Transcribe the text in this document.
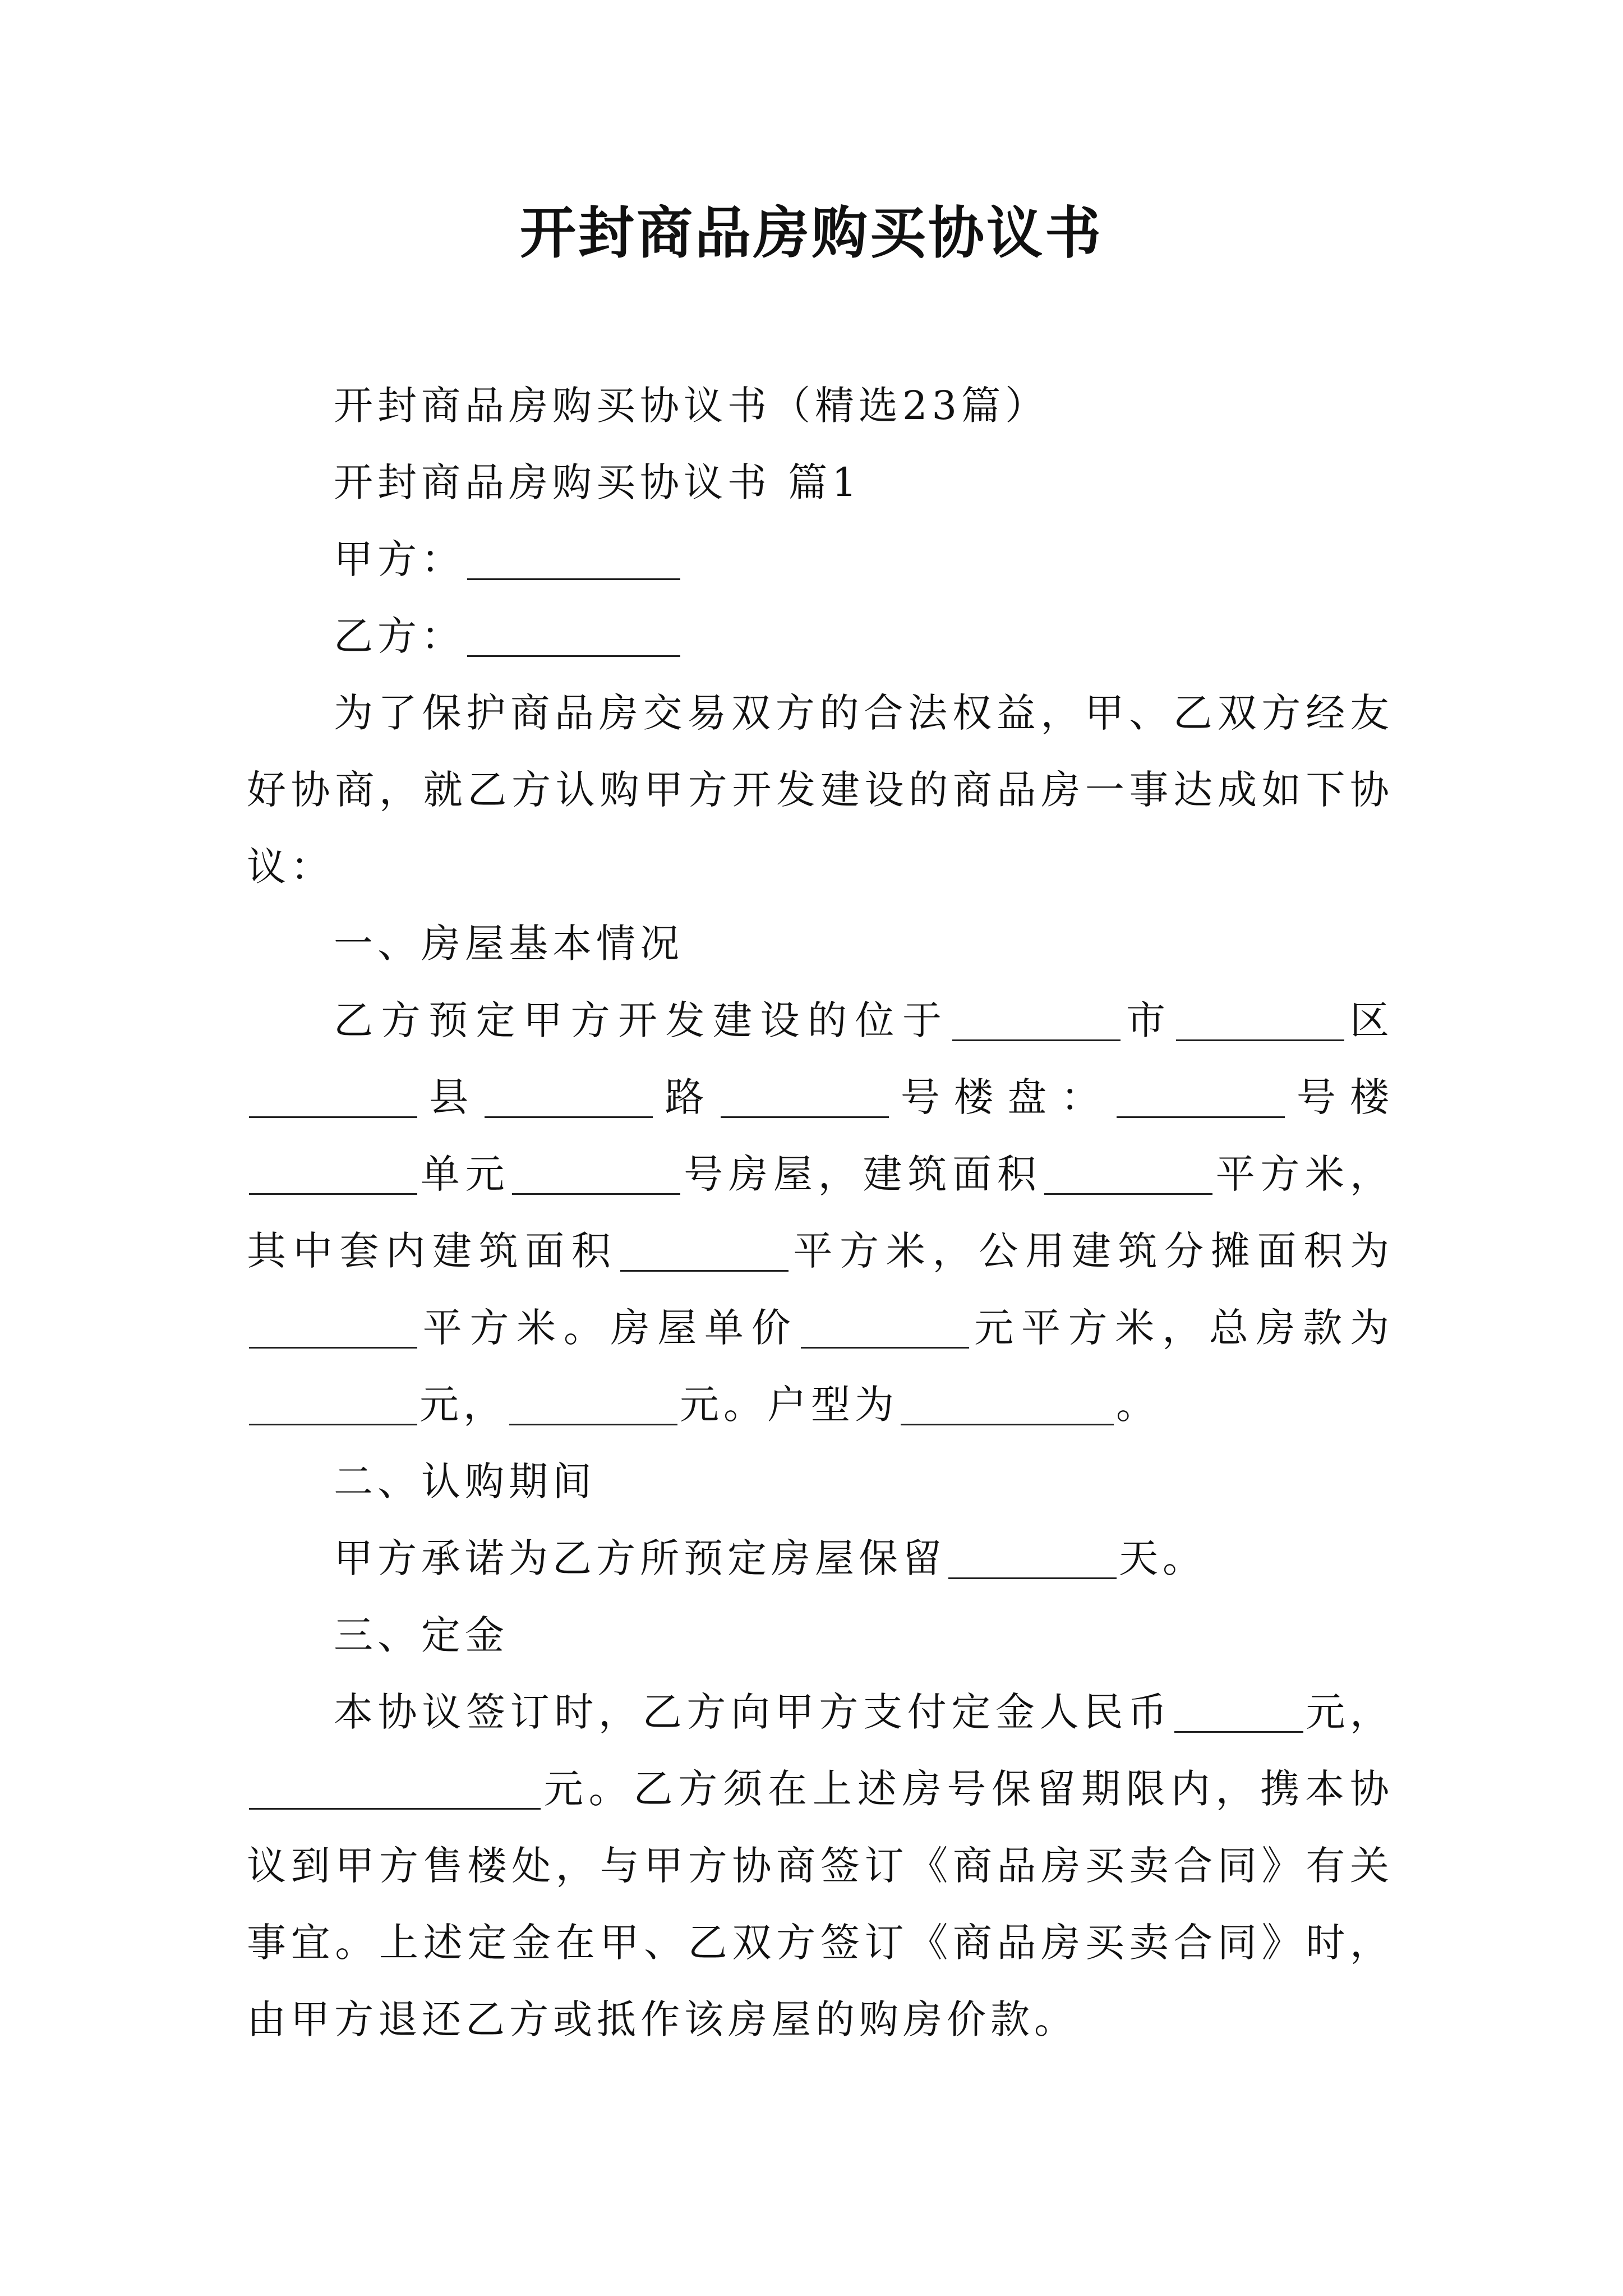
开封商品房购买协议书

开封商品房购买协议书（精选23篇）

开封商品房购买协议书 篇1

甲方：

乙方：

为了保护商品房交易双方的合法权益，甲、乙双方经友好协商，就乙方认购甲方开发建设的商品房一事达成如下协议：

一、房屋基本情况

乙方预定甲方开发建设的位于	市	区县	路	号楼盘：	号楼单元	号房屋，建筑面积	平方米，其中套内建筑面积	平方米，公用建筑分摊面积为平方米。房屋单价	元平方米，总房款为元，	元。户型为	。

二、认购期间

甲方承诺为乙方所预定房屋保留	天。

三、定金

本协议签订时，乙方向甲方支付定金人民币	元，元。乙方须在上述房号保留期限内，携本协议到甲方售楼处，与甲方协商签订《商品房买卖合同》有关事宜。上述定金在甲、乙双方签订《商品房买卖合同》时，由甲方退还乙方或抵作该房屋的购房价款。
